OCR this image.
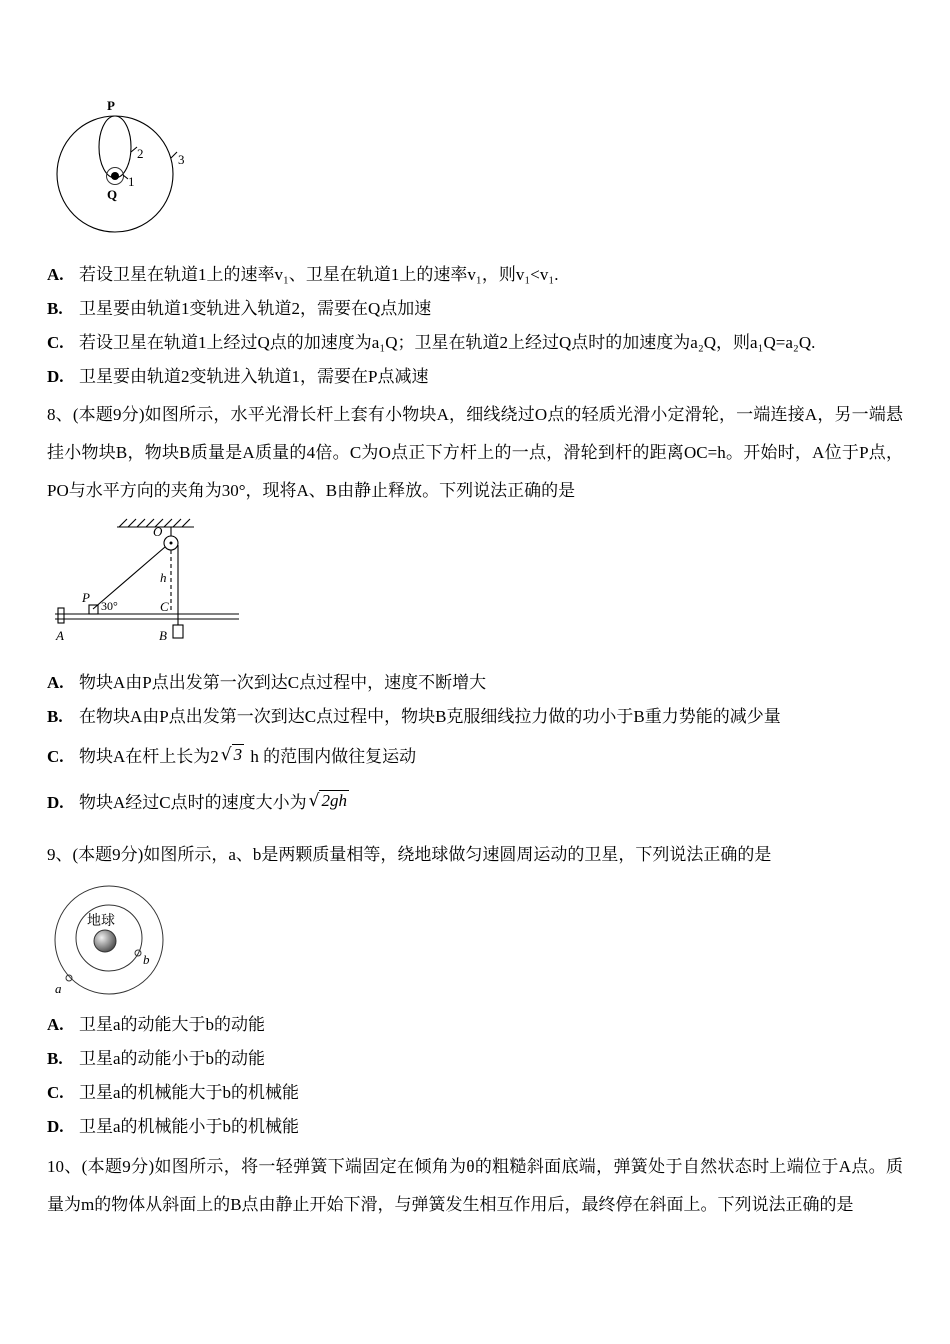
P
Q
2
1
3
A. 若设卫星在轨道1上的速率v₁、卫星在轨道1上的速率v₁，则v₁<v₁.
B. 卫星要由轨道1变轨进入轨道2，需要在Q点加速
C. 若设卫星在轨道1上经过Q点的加速度为a₁Q；卫星在轨道2上经过Q点时的加速度为a₂Q，则a₁Q=a₂Q.
D. 卫星要由轨道2变轨进入轨道1，需要在P点减速
8、(本题9分)如图所示，水平光滑长杆上套有小物块A，细线绕过O点的轻质光滑小定滑轮，一端连接A，另一端悬挂小物块B，物块B质量是A质量的4倍。C为O点正下方杆上的一点，滑轮到杆的距离OC=h。开始时，A位于P点，PO与水平方向的夹角为30°，现将A、B由静止释放。下列说法正确的是
O
h
C
A
P
30°
B
A. 物块A由P点出发第一次到达C点过程中，速度不断增大
B. 在物块A由P点出发第一次到达C点过程中，物块B克服细线拉力做的功小于B重力势能的减少量
C. 物块A在杆上长为2 √ 3 h 的范围内做往复运动
D. 物块A经过C点时的速度大小为 √ 2gh
9、(本题9分)如图所示，a、b是两颗质量相等，绕地球做匀速圆周运动的卫星，下列说法正确的是
地球
b
a
A. 卫星a的动能大于b的动能
B. 卫星a的动能小于b的动能
C. 卫星a的机械能大于b的机械能
D. 卫星a的机械能小于b的机械能
10、(本题9分)如图所示，将一轻弹簧下端固定在倾角为θ的粗糙斜面底端，弹簧处于自然状态时上端位于A点。质量为m的物体从斜面上的B点由静止开始下滑，与弹簧发生相互作用后，最终停在斜面上。下列说法正确的是
